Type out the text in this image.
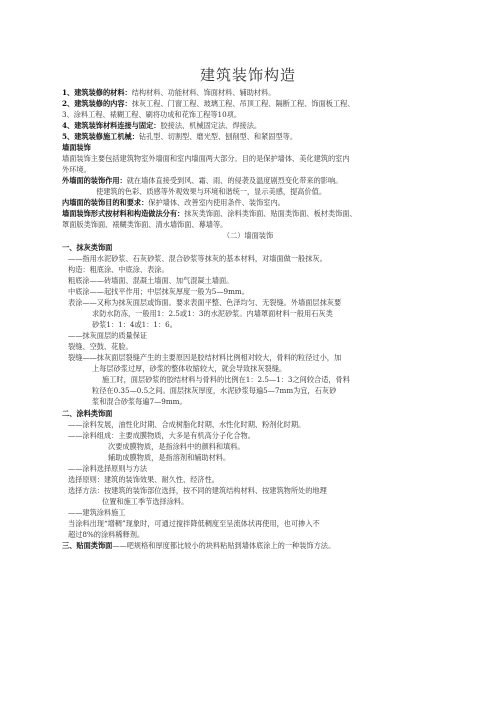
建筑装饰构造
1、建筑装修的材料：结构材料、功能材料、饰面材料、辅助材料。
2、建筑装修的内容：抹灰工程、门窗工程、玻璃工程、吊顶工程、隔断工程、饰面板工程、
3、涂料工程、裱糊工程、刷将功成和花饰工程等10项。
4、建筑装饰材料连接与固定：胶接法、机械固定法、焊接法。
5、建筑装修施工机械：钻孔型、切割型、磨光型、刨削型、和紧固型等。
墙面装饰
墙面装饰主要包括建筑物室外墙面和室内墙面两大部分。目的是保护墙体、美化建筑的室内
外环境。
外墙面的装饰作用：就在墙体直接受到风、霜、雨、的侵袭及温度剧烈变化带来的影响。
使建筑的色彩、质感等外观效果与环境和谐统一，显示美感，提高价值。
内墙面的装饰目的和要求：保护墙体、改善室内使用条件、装饰室内。
墙面装饰形式按材料和构造做法分有：抹灰类饰面、涂料类饰面、贴面类饰面、板材类饰面、
罩面版类饰面、裱糊类饰面、清水墙饰面、幕墙等。
（二）墙面装饰
一、抹灰类饰面
——指用水泥砂浆、石灰砂浆、混合砂浆等抹灰的基本材料，对墙面做一般抹灰。
构造：粗底涂、中底涂、表涂。
粗底涂——砖墙面、混凝土墙面、加气混凝土墙面。
中底涂——起找平作用；中层抹灰厚度一般为5—9mm。
表涂——又称为抹灰面层或饰面。要求表面平整、色泽均匀、无裂缝。外墙面层抹灰要
求防水防冻，一般用1：2.5或1：3的水泥砂浆。内墙罩面材料一般用石灰类
砂浆1：1：4或1：1：6。
——抹灰面层的质量保证
裂缝、空鼓、花脸。
裂缝——抹灰面层裂缝产生的主要原因是胶结材料比例相对较大，骨料的粒径过小，加
上每层砂浆过厚，砂浆的整体收缩较大，就会导致抹灰裂缝。
施工时，面层砂浆的胶结材料与骨料的比例在1：2.5—1：3之间较合适，骨料
粒径在0.35—0.5之间。面层抹灰厚度，水泥砂浆每遍5—7mm为宜，石灰砂
浆和混合砂浆每遍7—9mm。
二、涂料类饰面
——涂料发展，油性化时期、合成树脂化时期、水性化时期、粉剂化时期。
——涂料组成：主要成膜物质，大多是有机高分子化合物。
次要成膜物质，是指涂料中的颜料和填料。
辅助成膜物质，是指溶剂和辅助材料。
——涂料选择原则与方法
选择原则：建筑的装饰效果、耐久性、经济性。
选择方法：按建筑的装饰部位选择，按不同的建筑结构材料、按建筑物所处的地理
位置和施工季节选择涂料。
——建筑涂料施工
当涂料出现“增稠”现象时，可通过搅拌降低稠度至呈流体状再使用，也可掺入不
超过8%的涂料稀释剂。
三、贴面类饰面——吧规格和厚度都比较小的块料粘贴到墙体底涂上的一种装饰方法。
